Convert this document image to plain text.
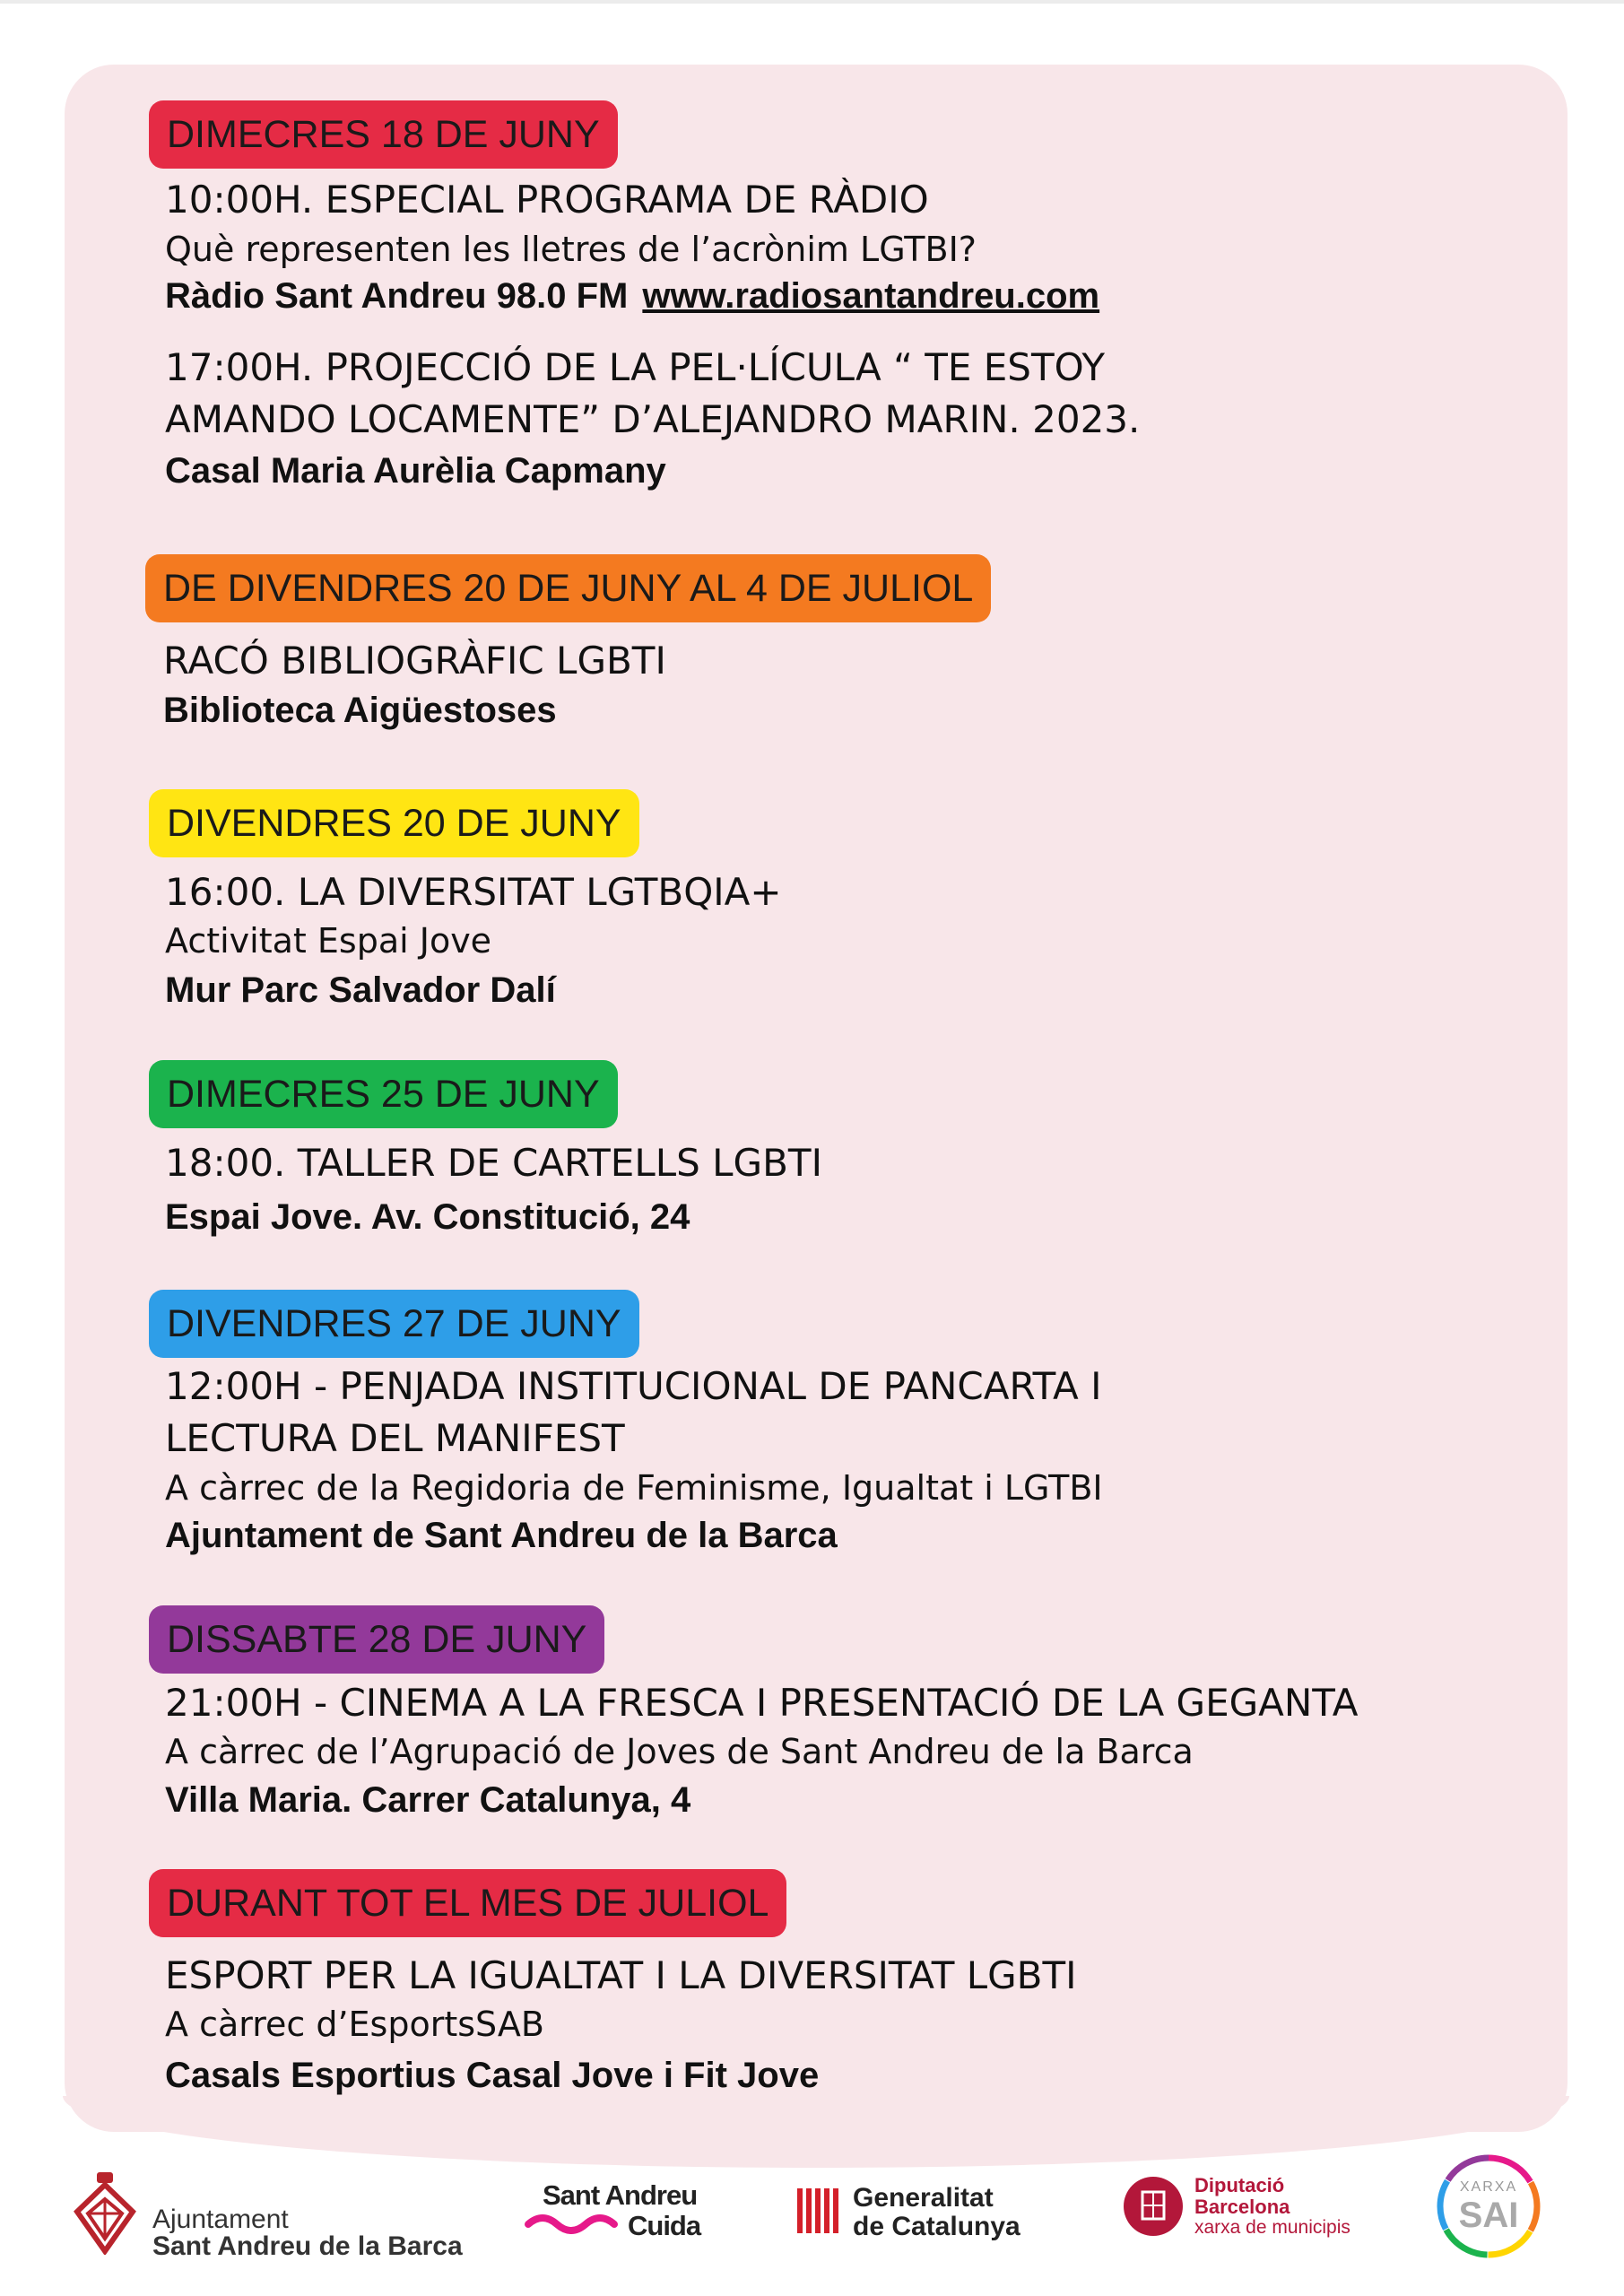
DIMECRES 18 DE JUNY
10:00H. ESPECIAL PROGRAMA DE RÀDIO
Què representen les lletres de l’acrònim LGTBI?
Ràdio Sant Andreu 98.0 FM www.radiosantandreu.com
17:00H. PROJECCIÓ DE LA PEL·LÍCULA “ TE ESTOY
AMANDO LOCAMENTE” D’ALEJANDRO MARIN. 2023.
Casal Maria Aurèlia Capmany
DE DIVENDRES 20 DE JUNY AL 4 DE JULIOL
RACÓ BIBLIOGRÀFIC LGBTI
Biblioteca Aigüestoses
DIVENDRES 20 DE JUNY
16:00. LA DIVERSITAT LGTBQIA+
Activitat Espai Jove
Mur Parc Salvador Dalí
DIMECRES 25 DE JUNY
18:00. TALLER DE CARTELLS LGBTI
Espai Jove. Av. Constitució, 24
DIVENDRES 27 DE JUNY
12:00H - PENJADA INSTITUCIONAL DE PANCARTA I
LECTURA DEL MANIFEST
A càrrec de la Regidoria de Feminisme, Igualtat i LGTBI
Ajuntament de Sant Andreu de la Barca
DISSABTE 28 DE JUNY
21:00H - CINEMA A LA FRESCA I PRESENTACIÓ DE LA GEGANTA
A càrrec de l’Agrupació de Joves de Sant Andreu de la Barca
Villa Maria. Carrer Catalunya, 4
DURANT TOT EL MES DE JULIOL
ESPORT PER LA IGUALTAT I LA DIVERSITAT LGBTI
A càrrec d’EsportsSAB
Casals Esportius Casal Jove i Fit Jove
Ajuntament
Sant Andreu de la Barca
Sant Andreu
Cuida
Generalitat
de Catalunya
Diputació
Barcelona
xarxa de municipis
XARXA
SAI
